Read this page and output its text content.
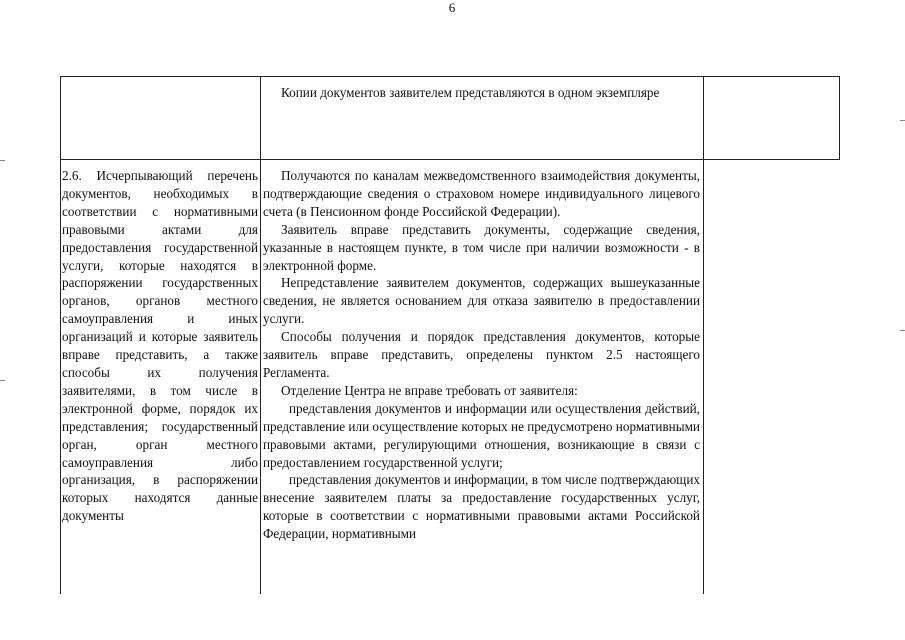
6

Копии документов заявителем представляются в одном экземпляре

2.6. Исчерпывающий перечень документов, необходимых в соответствии с нормативными правовыми актами для предоставления государственной услуги, которые находятся в распоряжении государственных органов, органов местного самоуправления и иных организаций и которые заявитель вправе представить, а также способы их получения заявителями, в том числе в электронной форме, порядок их представления; государственный орган, орган местного самоуправления либо организация, в распоряжении которых находятся данные документы

Получаются по каналам межведомственного взаимодействия документы, подтверждающие сведения о страховом номере индивидуального лицевого счета (в Пенсионном фонде Российской Федерации).

Заявитель вправе представить документы, содержащие сведения, указанные в настоящем пункте, в том числе при наличии возможности - в электронной форме.

Непредставление заявителем документов, содержащих вышеуказанные сведения, не является основанием для отказа заявителю в предоставлении услуги.

Способы получения и порядок представления документов, которые заявитель вправе представить, определены пунктом 2.5 настоящего Регламента.

Отделение Центра не вправе требовать от заявителя:

представления документов и информации или осуществления действий, представление или осуществление которых не предусмотрено нормативными правовыми актами, регулирующими отношения, возникающие в связи с предоставлением государственной услуги;

представления документов и информации, в том числе подтверждающих внесение заявителем платы за предоставление государственных услуг, которые в соответствии с нормативными правовыми актами Российской Федерации, нормативными
